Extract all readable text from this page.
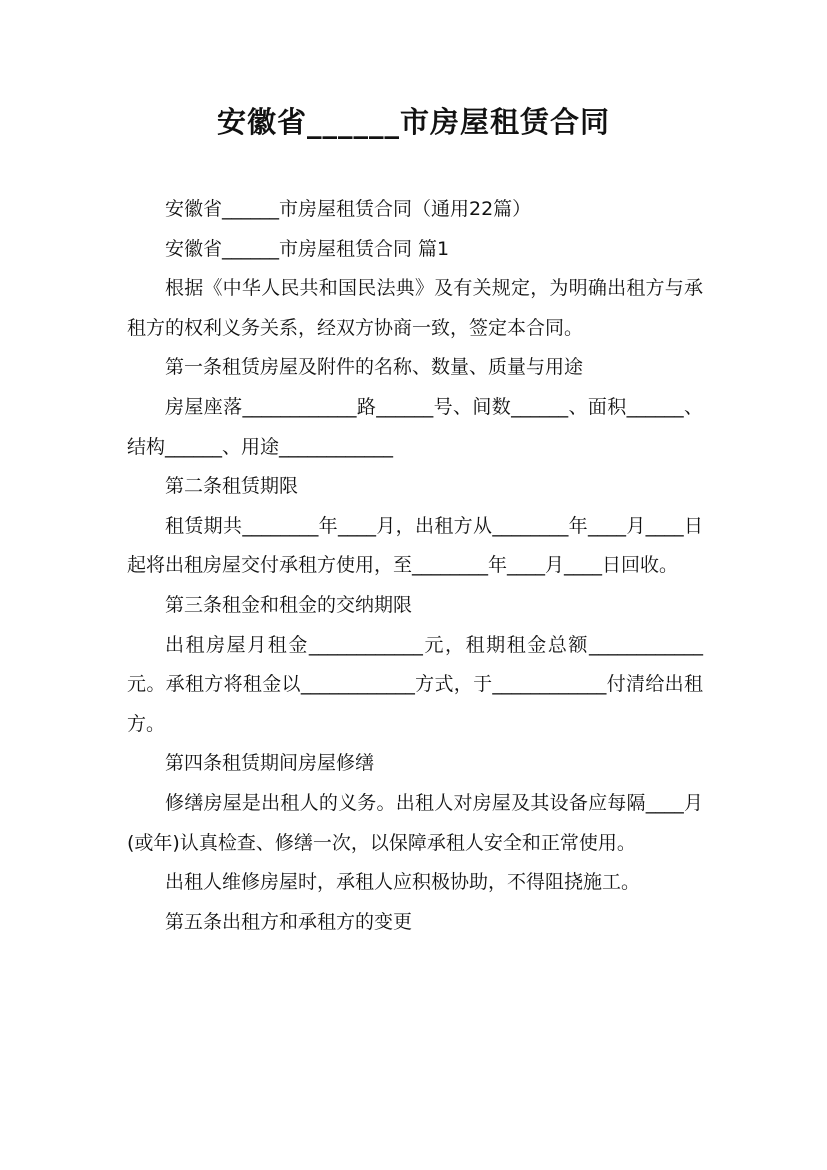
安徽省______市房屋租赁合同

安徽省______市房屋租赁合同（通用22篇）

安徽省______市房屋租赁合同 篇1

根据《中华人民共和国民法典》及有关规定，为明确出租方与承租方的权利义务关系，经双方协商一致，签定本合同。

第一条租赁房屋及附件的名称、数量、质量与用途

房屋座落____________路______号、间数______、面积______、结构______、用途____________

第二条租赁期限

租赁期共________年____月，出租方从________年____月____日起将出租房屋交付承租方使用，至________年____月____日回收。

第三条租金和租金的交纳期限

出租房屋月租金____________元，租期租金总额____________元。承租方将租金以____________方式，于____________付清给出租方。

第四条租赁期间房屋修缮

修缮房屋是出租人的义务。出租人对房屋及其设备应每隔____月(或年)认真检查、修缮一次，以保障承租人安全和正常使用。

出租人维修房屋时，承租人应积极协助，不得阻挠施工。

第五条出租方和承租方的变更
